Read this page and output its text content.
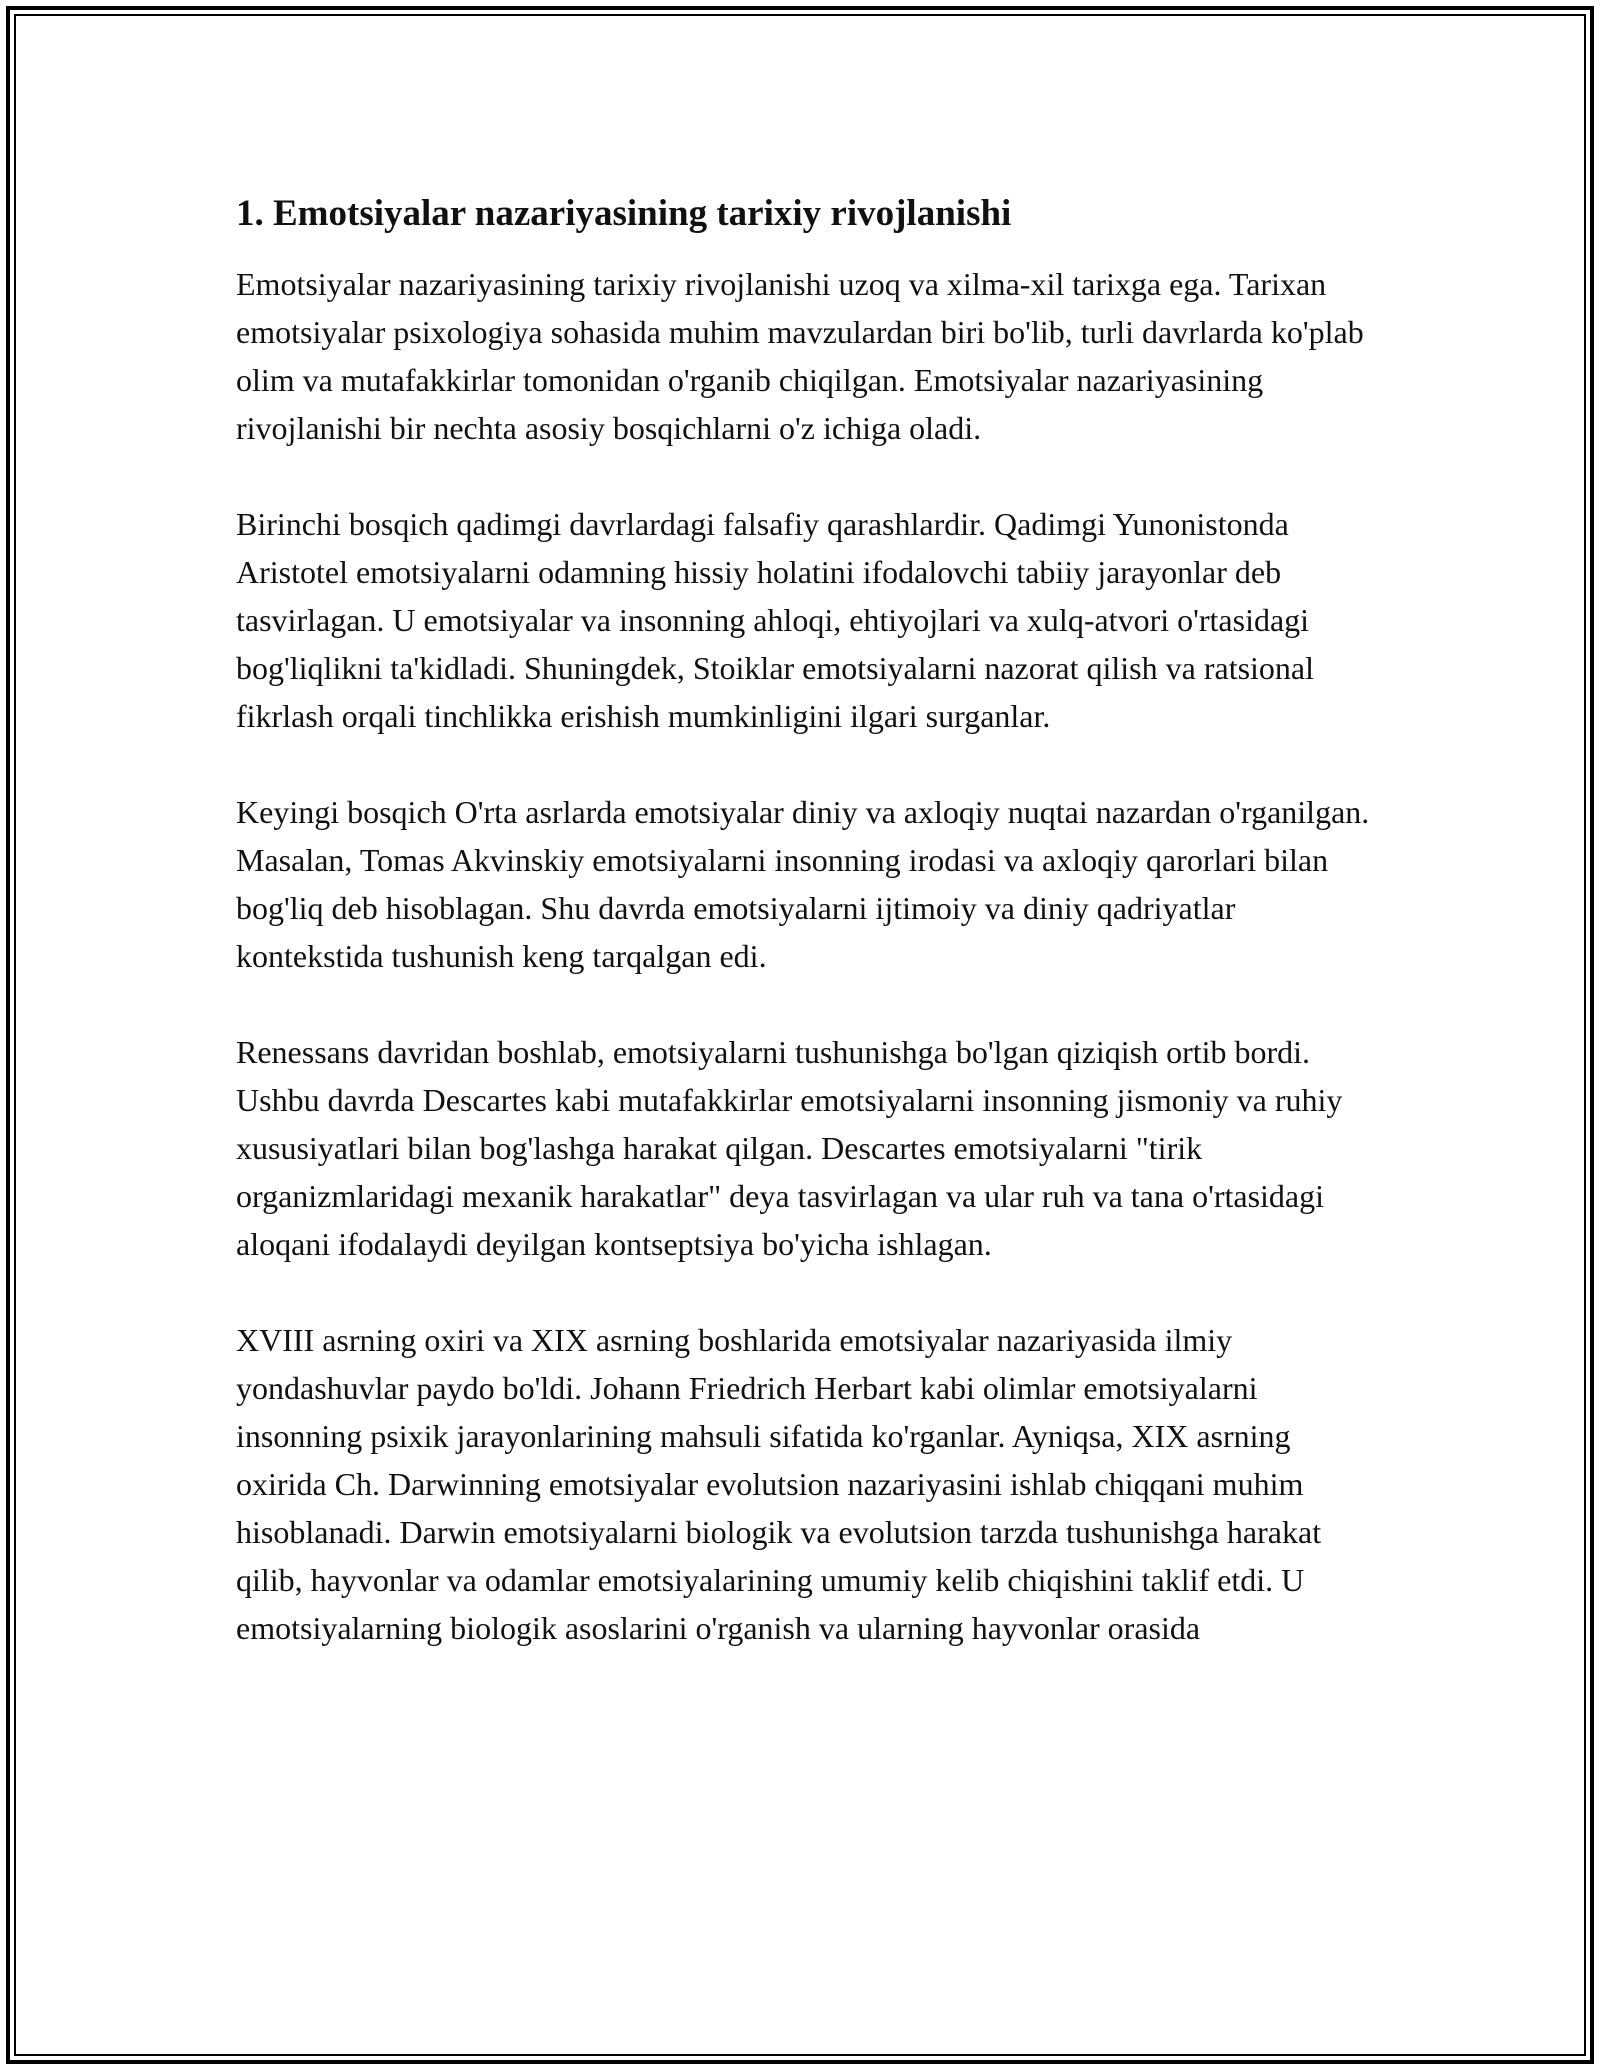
1. Emotsiyalar nazariyasining tarixiy rivojlanishi

Emotsiyalar nazariyasining tarixiy rivojlanishi uzoq va xilma-xil tarixga ega. Tarixan emotsiyalar psixologiya sohasida muhim mavzulardan biri bo'lib, turli davrlarda ko'plab olim va mutafakkirlar tomonidan o'rganib chiqilgan. Emotsiyalar nazariyasining rivojlanishi bir nechta asosiy bosqichlarni o'z ichiga oladi.

Birinchi bosqich qadimgi davrlardagi falsafiy qarashlardir. Qadimgi Yunonistonda Aristotel emotsiyalarni odamning hissiy holatini ifodalovchi tabiiy jarayonlar deb tasvirlagan. U emotsiyalar va insonning ahloqi, ehtiyojlari va xulq-atvori o'rtasidagi bog'liqlikni ta'kidladi. Shuningdek, Stoiklar emotsiyalarni nazorat qilish va ratsional fikrlash orqali tinchlikka erishish mumkinligini ilgari surganlar.

Keyingi bosqich O'rta asrlarda emotsiyalar diniy va axloqiy nuqtai nazardan o'rganilgan. Masalan, Tomas Akvinskiy emotsiyalarni insonning irodasi va axloqiy qarorlari bilan bog'liq deb hisoblagan. Shu davrda emotsiyalarni ijtimoiy va diniy qadriyatlar kontekstida tushunish keng tarqalgan edi.

Renessans davridan boshlab, emotsiyalarni tushunishga bo'lgan qiziqish ortib bordi. Ushbu davrda Descartes kabi mutafakkirlar emotsiyalarni insonning jismoniy va ruhiy xususiyatlari bilan bog'lashga harakat qilgan. Descartes emotsiyalarni "tirik organizmlaridagi mexanik harakatlar" deya tasvirlagan va ular ruh va tana o'rtasidagi aloqani ifodalaydi deyilgan kontseptsiya bo'yicha ishlagan.

XVIII asrning oxiri va XIX asrning boshlarida emotsiyalar nazariyasida ilmiy yondashuvlar paydo bo'ldi. Johann Friedrich Herbart kabi olimlar emotsiyalarni insonning psixik jarayonlarining mahsuli sifatida ko'rganlar. Ayniqsa, XIX asrning oxirida Ch. Darwinning emotsiyalar evolutsion nazariyasini ishlab chiqqani muhim hisoblanadi. Darwin emotsiyalarni biologik va evolutsion tarzda tushunishga harakat qilib, hayvonlar va odamlar emotsiyalarining umumiy kelib chiqishini taklif etdi. U emotsiyalarning biologik asoslarini o'rganish va ularning hayvonlar orasida
